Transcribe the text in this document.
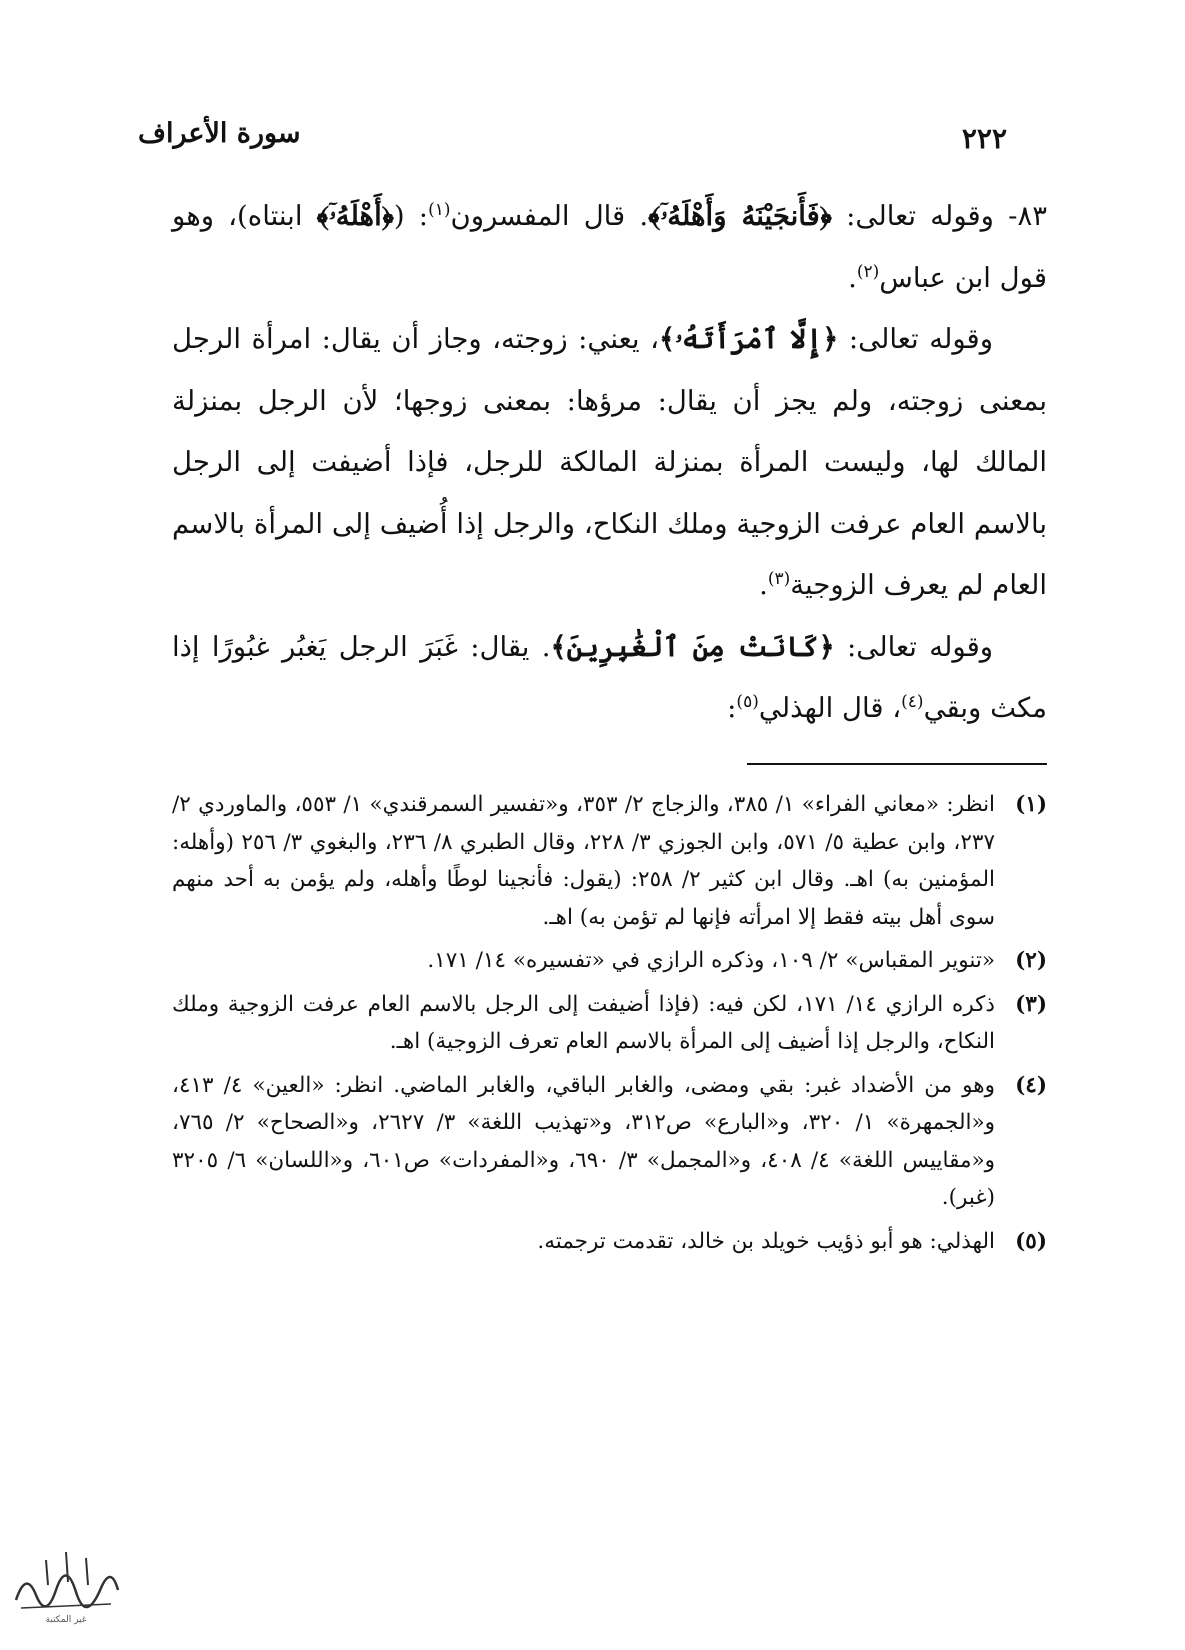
٢٢٢
سورة الأعراف

٨٣- وقوله تعالى: ﴿فَأَنجَيْنَهُ وَأَهْلَهُۥٓ﴾. قال المفسرون$^{(١)}$: (﴿أَهْلَهُۥٓ﴾ ابنتاه)، وهو قول ابن عباس$^{(٢)}$.

وقوله تعالى: ﴿إِلَّا ٱمْرَأَتَهُۥ﴾، يعني: زوجته، وجاز أن يقال: امرأة الرجل بمعنى زوجته، ولم يجز أن يقال: مرؤها: بمعنى زوجها؛ لأن الرجل بمنزلة المالك لها، وليست المرأة بمنزلة المالكة للرجل، فإذا أضيفت إلى الرجل بالاسم العام عرفت الزوجية وملك النكاح، والرجل إذا أُضيف إلى المرأة بالاسم العام لم يعرف الزوجية$^{(٣)}$.

وقوله تعالى: ﴿كَانَتْ مِنَ ٱلْغَٰبِرِينَ﴾. يقال: غَبَرَ الرجل يَغبُر غبُورًا إذا مكث وبقي$^{(٤)}$، قال الهذلي$^{(٥)}$:

(١)
انظر: «معاني الفراء» ١/ ٣٨٥، والزجاج ٢/ ٣٥٣، و«تفسير السمرقندي» ١/ ٥٥٣، والماوردي ٢/ ٢٣٧، وابن عطية ٥/ ٥٧١، وابن الجوزي ٣/ ٢٢٨، وقال الطبري ٨/ ٢٣٦، والبغوي ٣/ ٢٥٦ (وأهله: المؤمنين به) اهـ. وقال ابن كثير ٢/ ٢٥٨: (يقول: فأنجينا لوطًا وأهله، ولم يؤمن به أحد منهم سوى أهل بيته فقط إلا امرأته فإنها لم تؤمن به) اهـ.
(٢)
«تنوير المقباس» ٢/ ١٠٩، وذكره الرازي في «تفسيره» ١٤/ ١٧١.
(٣)
ذكره الرازي ١٤/ ١٧١، لكن فيه: (فإذا أضيفت إلى الرجل بالاسم العام عرفت الزوجية وملك النكاح، والرجل إذا أضيف إلى المرأة بالاسم العام تعرف الزوجية) اهـ.
(٤)
وهو من الأضداد غبر: بقي ومضى، والغابر الباقي، والغابر الماضي. انظر: «العين» ٤/ ٤١٣، و«الجمهرة» ١/ ٣٢٠، و«البارع» ص٣١٢، و«تهذيب اللغة» ٣/ ٢٦٢٧، و«الصحاح» ٢/ ٧٦٥، و«مقاييس اللغة» ٤/ ٤٠٨، و«المجمل» ٣/ ٦٩٠، و«المفردات» ص٦٠١، و«اللسان» ٦/ ٣٢٠٥ (غبر).
(٥)
الهذلي: هو أبو ذؤيب خويلد بن خالد، تقدمت ترجمته.
غير المكتبة
